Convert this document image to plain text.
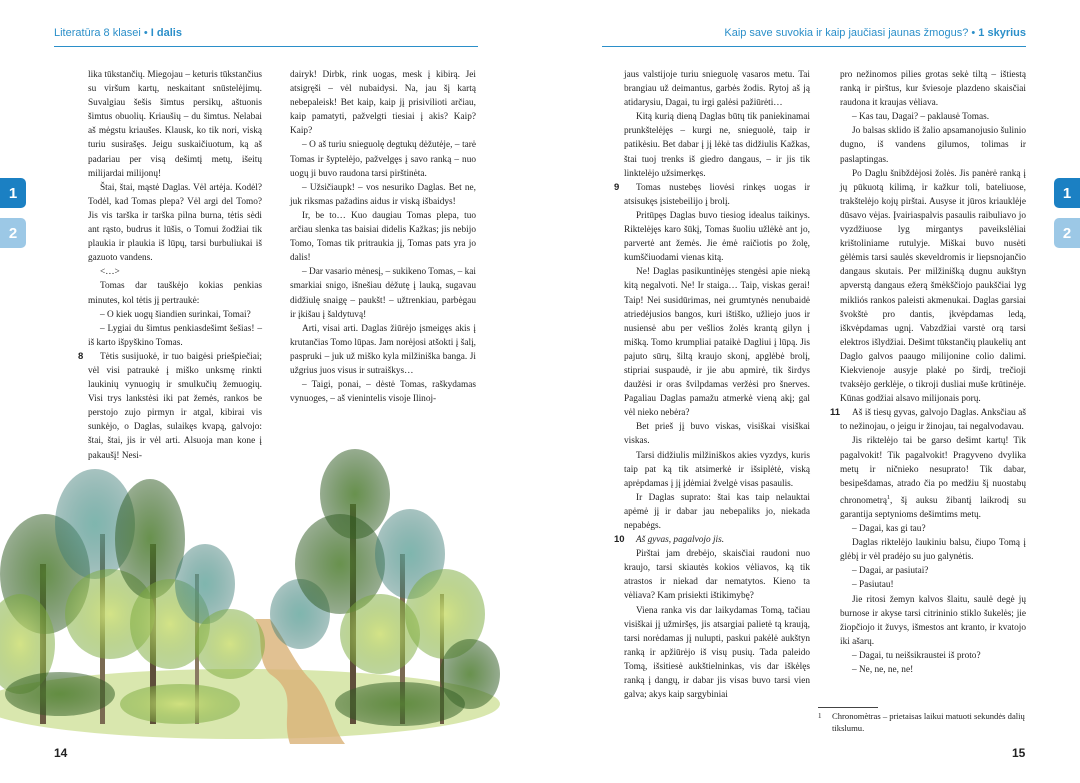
Literatūra 8 klasei • I dalis	Kaip save suvokia ir kaip jaučiasi jaunas žmogus? • 1 skyrius
1
2
1
2

lika tūkstančių. Miegojau – keturis tūkstančius su viršum kartų, neskaitant snūstelėjimų. Suvalgiau šešis šimtus persikų, aštuonis šimtus obuolių. Kriaušių – du šimtus. Nelabai aš mėgstu kriaušes. Klausk, ko tik nori, viską turiu susirašęs. Jeigu suskaičiuotum, ką aš padariau per visą dešimtį metų, išeitų milijardai milijonų!

Štai, štai, mąstė Daglas. Vėl artėja. Kodėl? Todėl, kad Tomas plepa? Vėl argi del Tomo? Jis vis tarška ir tarška pilna burna, tėtis sėdi ant rąsto, budrus it lūšis, o Tomui žodžiai tik plaukia ir plaukia iš lūpų, tarsi burbuliukai iš gazuoto vandens.

<…>

Tomas dar tauškėjo kokias penkias minutes, kol tėtis jį pertraukė:

– O kiek uogų šiandien surinkai, Tomai?

– Lygiai du šimtus penkiasdešimt šešias! – iš karto išpyškino Tomas.

8 Tėtis susijuokė, ir tuo baigėsi priešpiečiai; vėl visi patraukė į miško unksmę rinkti laukinių vynuogių ir smulkučių žemuogių. Visi trys lankstėsi iki pat žemės, rankos be perstojo zujo pirmyn ir atgal, kibirai vis sunkėjo, o Daglas, sulaikęs kvapą, galvojo: štai, štai, jis ir vėl arti. Alsuoja man kone į pakaušį! Nesi-

dairyk! Dirbk, rink uogas, mesk į kibirą. Jei atsigręši – vėl nubaidysi. Na, jau šį kartą nebepaleisk! Bet kaip, kaip jį prisivilioti arčiau, kaip pamatyti, pažvelgti tiesiai į akis? Kaip? Kaip?

– O aš turiu snieguolę degtukų dėžutėje, – tarė Tomas ir šyptelėjo, pažvelgęs į savo ranką – nuo uogų ji buvo raudona tarsi pirštinėta.

– Užsičiaupk! – vos nesuriko Daglas. Bet ne, juk riksmas pažadins aidus ir viską išbaidys!

Ir, be to… Kuo daugiau Tomas plepa, tuo arčiau slenka tas baisiai didelis Kažkas; jis nebijo Tomo, Tomas tik pritraukia jį, Tomas pats yra jo dalis!

– Dar vasario mėnesį, – sukikeno Tomas, – kai smarkiai snigo, išnešiau dėžutę į lauką, sugavau didžiulę snaigę – paukšt! – užtrenkiau, parbėgau ir įkišau į šaldytuvą!

Arti, visai arti. Daglas žiūrėjo įsmeigęs akis į krutančias Tomo lūpas. Jam norėjosi atšokti į šalį, paspruki – juk už miško kyla milžiniška banga. Ji užgrius juos visus ir sutraiškys…

– Taigi, ponai, – dėstė Tomas, raškydamas vynuoges, – aš vienintelis visoje Ilinoj-

jaus valstijoje turiu snieguolę vasaros metu. Tai brangiau už deimantus, garbės žodis. Rytoj aš ją atidarysiu, Dagai, tu irgi galėsi pažiūrėti…

Kitą kurią dieną Daglas būtų tik paniekinamai prunkštelėjęs – kurgi ne, snieguolė, taip ir patikėsiu. Bet dabar į jį lėkė tas didžiulis Kažkas, štai tuoj trenks iš giedro dangaus, – ir jis tik linktelėjo užsimerkęs.

9 Tomas nustebęs liovėsi rinkęs uogas ir atsisukęs įsistebeilijo į brolį.

Pritūpęs Daglas buvo tiesiog idealus taikinys. Riktelėjęs karo šūkį, Tomas šuoliu užlėkė ant jo, parvertė ant žemės. Jie ėmė raičiotis po žolę, kumščiuodami vienas kitą.

Ne! Daglas pasikuntinėjęs stengėsi apie nieką kitą negalvoti. Ne! Ir staiga… Taip, viskas gerai! Taip! Nei susidūrimas, nei grumtynės nenubaidė atriedėjusios bangos, kuri ištiško, užliejo juos ir nusiensė abu per vešlios žolės krantą gilyn į mišką. Tomo krumpliai pataikė Dagliui į lūpą. Jis pajuto sūrų, šiltą kraujo skonį, apglėbė brolį, stipriai suspaudė, ir jie abu apmirė, tik širdys daužėsi ir oras švilpdamas veržėsi pro šnerves. Pagaliau Daglas pamažu atmerkė vieną akį; gal vėl nieko nebėra?

Bet prieš jį buvo viskas, visiškai visiškai viskas.

Tarsi didžiulis milžiniškos akies vyzdys, kuris taip pat ką tik atsimerkė ir išsiplėtė, viską aprėpdamas į jį įdėmiai žvelgė visas pasaulis.

Ir Daglas suprato: štai kas taip nelauktai apėmė jį ir dabar jau nebepaliks jo, niekada nepabėgs.

10 Aš gyvas, pagalvojo jis.

Pirštai jam drebėjo, skaisčiai raudoni nuo kraujo, tarsi skiautės kokios vėliavos, ką tik atrastos ir niekad dar nematytos. Kieno ta vėliava? Kam prisiekti ištikimybę?

Viena ranka vis dar laikydamas Tomą, tačiau visiškai jį užmiršęs, jis atsargiai palietė tą kraują, tarsi norėdamas jį nulupti, paskui pakėlė aukštyn ranką ir apžiūrėjo iš visų pusių. Tada paleido Tomą, išsitiesė aukštielninkas, vis dar iškėlęs ranką į dangų, ir dabar jis visas buvo tarsi vien galva; akys kaip sargybiniai

pro nežinomos pilies grotas sekė tiltą – ištiestą ranką ir pirštus, kur šviesoje plazdeno skaisčiai raudona it kraujas vėliava.

– Kas tau, Dagai? – paklausė Tomas.

Jo balsas sklido iš žalio apsamanojusio šulinio dugno, iš vandens gilumos, tolimas ir paslaptingas.

Po Daglu šnibždėjosi žolės. Jis panėrė ranką į jų pūkuotą kilimą, ir kažkur toli, bateliuose, trakštelėjo kojų pirštai. Ausyse it jūros kriauklėje dūsavo vėjas. Įvairiaspalvis pasaulis raibuliavo jo vyzdžiuose lyg mirgantys paveikslėliai krištoliniame rutulyje. Miškai buvo nusėti gėlėmis tarsi saulės skeveldromis ir liepsnojančio dangaus skutais. Per milžinišką dugnu aukštyn apverstą dangaus ežerą šmėkščiojo paukščiai lyg mikliós rankos paleisti akmenukai. Daglas garsiai švokštė pro dantis, įkvėpdamas ledą, iškvėpdamas ugnį. Vabzdžiai varstė orą tarsi elektros išlydžiai. Dešimt tūkstančių plaukelių ant Daglo galvos paaugo milijonine colio dalimi. Kiekvienoje ausyje plakė po širdį, trečioji tvaksėjo gerklėje, o tikroji dusliai muše krūtinėje. Kūnas godžiai alsavo milijonais porų.

11 Aš iš tiesų gyvas, galvojo Daglas. Anksčiau aš to nežinojau, o jeigu ir žinojau, tai negalvodavau.

Jis riktelėjo tai be garso dešimt kartų! Tik pagalvokit! Tik pagalvokit! Pragyveno dvylika metų ir ničnieko nesuprato! Tik dabar, besipešdamas, atrado čia po medžiu šį nuostabų chronometrą$^1$, šį auksu žibantį laikrodį su garantija septynioms dešimtims metų.

– Dagai, kas gi tau?

Daglas riktelėjo laukiniu balsu, čiupo Tomą į glėbį ir vėl pradėjo su juo galynėtis.

– Dagai, ar pasiutai?

– Pasiutau!

Jie ritosi žemyn kalvos šlaitu, saulė degė jų burnose ir akyse tarsi citrininio stiklo šukelės; jie žiopčiojo it žuvys, išmestos ant kranto, ir kvatojo iki ašarų.

– Dagai, tu neišsikraustei iš proto?

– Ne, ne, ne, ne!

1 Chronomètras – prietaisas laikui matuoti sekundės dalių tikslumu.
14	15
